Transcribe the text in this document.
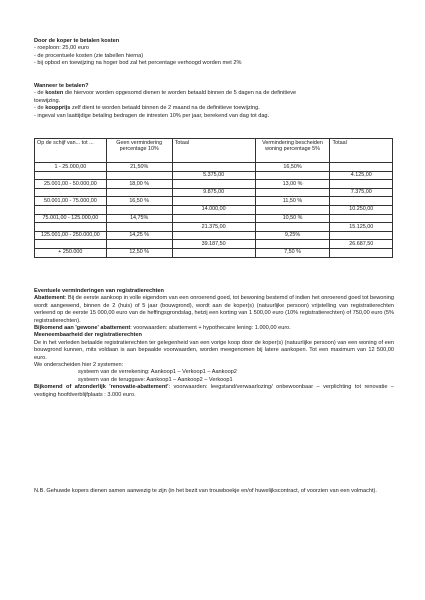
Door de koper te betalen kosten
- roeploon: 25,00 euro
- de procentuele kosten (zie tabellen hierna)
- bij opbod en toewijzing na hoger bod zal het percentage verhoogd worden met 2%
Wanneer te betalen?
- de kosten die hiervoor worden opgesomd dienen te worden betaald binnen de 5 dagen na de definitieve
toewijzing.
- de koopprijs zelf dient te worden betaald binnen de 2 maand na de definitieve toewijzing.
- ingeval van laattijdige betaling bedragen de intresten 10% per jaar, berekend van dag tot dag.
Op de schijf van... tot ...	Geen vermindering percentage 10%	Totaal	Vermindering bescheiden woning percentage 5%	Totaal
1 - 25.000,00	21,50%		16,50%	
		5.375,00		4.125,00
25.001,00 - 50.000,00	18,00 %		13,00 %	
		9.875,00		7.375,00
50.001,00 - 75.000,00	16,50 %		11,50 %	
		14.000,00		10.250,00
75.001,00 - 125.000,00	14,75%		10,50 %	
		21.375,00		15.125,00
125.001,00 - 250.000,00	14,25 %		9,25%	
		39.187,50		26.687,50
+ 250.000	12,50 %		7,50 %	
Eventuele verminderingen van registratierechten
Abattement: Bij de eerste aankoop in volle eigendom van een onroerend goed, tot bewoning bestemd of indien het onroerend goed tot bewoning wordt aangewend, binnen de 2 (huis) of 5 jaar (bouwgrond), wordt aan de koper(s) (natuurlijke persoon) vrijstelling van registratierechten verleend op de eerste 15 000,00 euro van de heffingsgrondslag, hetzij een korting van 1 500,00 euro (10% registratierechten) of 750,00 euro (5% registratierechten).
Bijkomend aan 'gewone' abattement: voorwaarden: abattement + hypothecaire lening: 1.000,00 euro.
Meeneembaarheid der registratierechten
De in het verleden betaalde registratierechten ter gelegenheid van een vorige koop door de koper(s) (natuurlijke persoon) van een woning of een bouwgrond kunnen, mits voldaan is aan bepaalde voorwaarden, worden meegenomen bij latere aankopen. Tot een maximum van 12 500,00 euro.
We onderscheiden hier 2 systemen:
systeem van de verrekening: Aankoop1 – Verkoop1 – Aankoop2
systeem van de teruggave: Aankoop1 – Aankoop2 – Verkoop1
Bijkomend of afzonderlijk 'renovatie-abattement': voorwaarden: leegstand/verwaarlozing/ onbewoonbaar – verplichting tot renovatie – vestiging hoofdverblijfplaats : 3.000 euro.
N.B. Gehuwde kopers dienen samen aanwezig te zijn (in het bezit van trouwboekje en/of huwelijkscontract, of voorzien van een volmacht).
